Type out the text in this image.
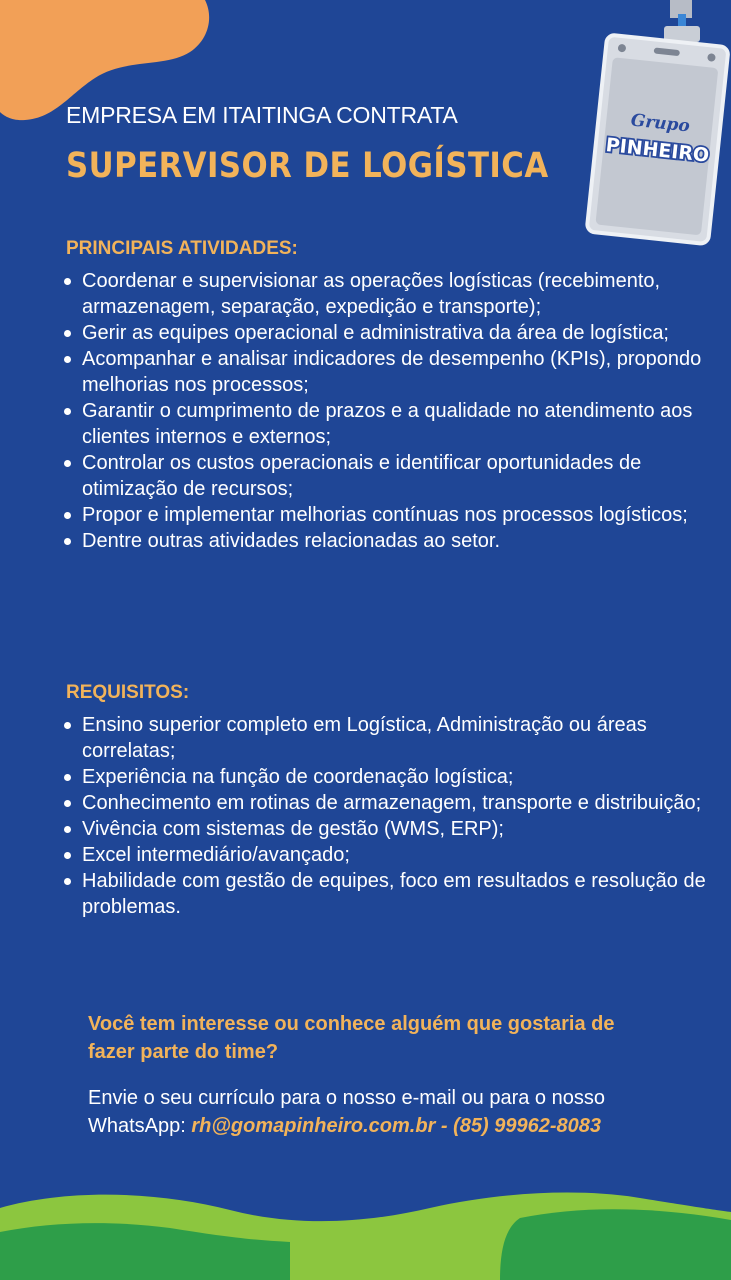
Grupo
PINHEIRO
EMPRESA EM ITAITINGA CONTRATA
SUPERVISOR DE LOGÍSTICA
PRINCIPAIS ATIVIDADES:
Coordenar e supervisionar as operações logísticas (recebimento, armazenagem, separação, expedição e transporte);
Gerir as equipes operacional e administrativa da área de logística;
Acompanhar e analisar indicadores de desempenho (KPIs), propondo melhorias nos processos;
Garantir o cumprimento de prazos e a qualidade no atendimento aos clientes internos e externos;
Controlar os custos operacionais e identificar oportunidades de otimização de recursos;
Propor e implementar melhorias contínuas nos processos logísticos;
Dentre outras atividades relacionadas ao setor.
REQUISITOS:
Ensino superior completo em Logística, Administração ou áreas correlatas;
Experiência na função de coordenação logística;
Conhecimento em rotinas de armazenagem, transporte e distribuição;
Vivência com sistemas de gestão (WMS, ERP);
Excel intermediário/avançado;
Habilidade com gestão de equipes, foco em resultados e resolução de problemas.
Você tem interesse ou conhece alguém que gostaria de fazer parte do time?
Envie o seu currículo para o nosso e-mail ou para o nosso WhatsApp: rh@gomapinheiro.com.br - (85) 99962-8083
